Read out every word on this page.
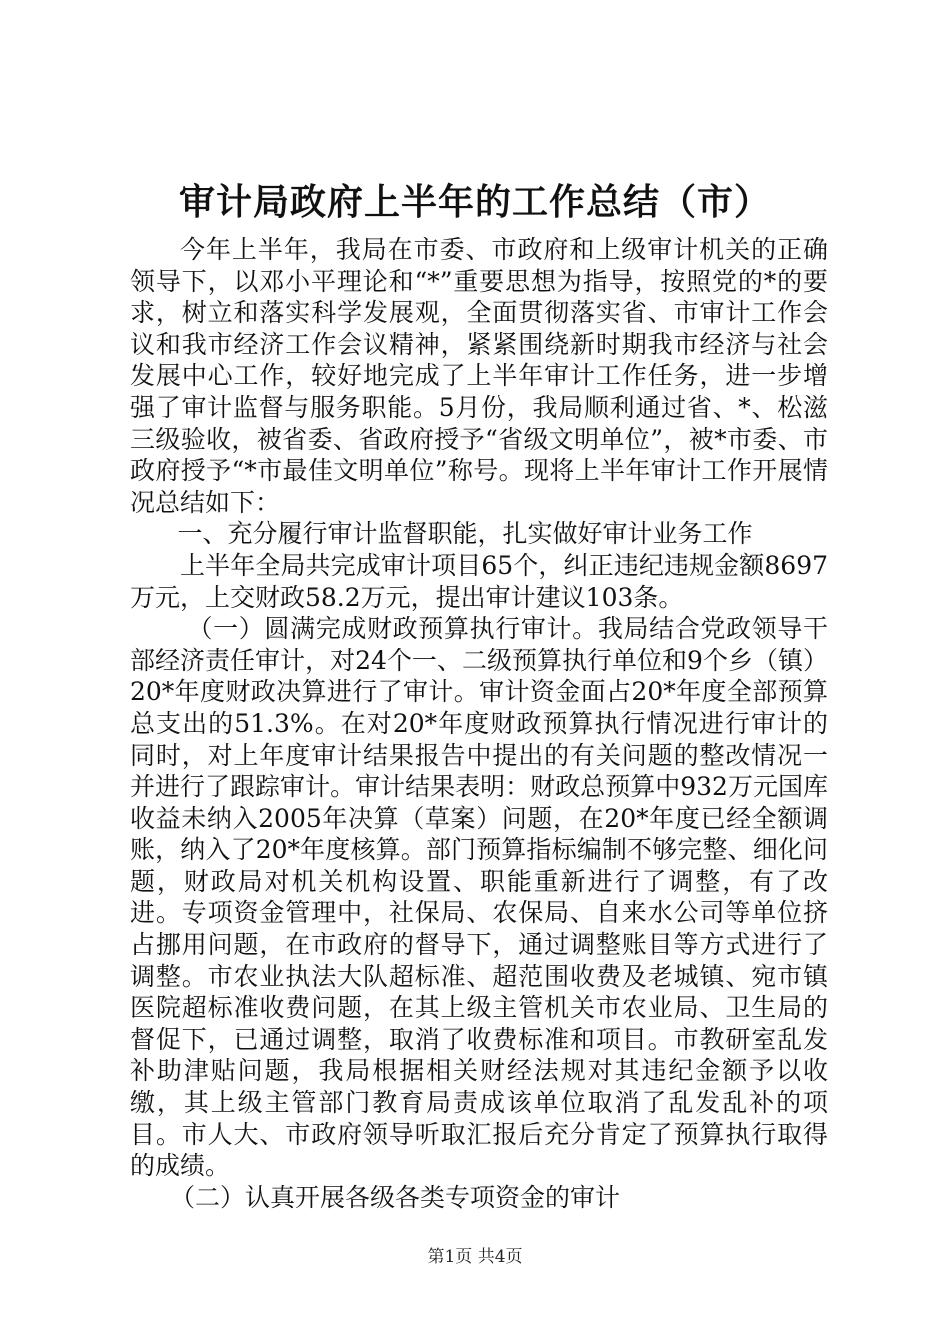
审计局政府上半年的工作总结（市）

今年上半年，我局在市委、市政府和上级审计机关的正确领导下，以邓小平理论和“*”重要思想为指导，按照党的*的要求，树立和落实科学发展观，全面贯彻落实省、市审计工作会议和我市经济工作会议精神，紧紧围绕新时期我市经济与社会发展中心工作，较好地完成了上半年审计工作任务，进一步增强了审计监督与服务职能。5月份，我局顺利通过省、*、松滋三级验收，被省委、省政府授予“省级文明单位”，被*市委、市政府授予“*市最佳文明单位”称号。现将上半年审计工作开展情况总结如下：

一、充分履行审计监督职能，扎实做好审计业务工作

上半年全局共完成审计项目65个，纠正违纪违规金额8697万元，上交财政58.2万元，提出审计建议103条。

（一）圆满完成财政预算执行审计。我局结合党政领导干部经济责任审计，对24个一、二级预算执行单位和9个乡（镇）20*年度财政决算进行了审计。审计资金面占20*年度全部预算总支出的51.3%。在对20*年度财政预算执行情况进行审计的同时，对上年度审计结果报告中提出的有关问题的整改情况一并进行了跟踪审计。审计结果表明：财政总预算中932万元国库收益未纳入2005年决算（草案）问题，在20*年度已经全额调账，纳入了20*年度核算。部门预算指标编制不够完整、细化问题，财政局对机关机构设置、职能重新进行了调整，有了改进。专项资金管理中，社保局、农保局、自来水公司等单位挤占挪用问题，在市政府的督导下，通过调整账目等方式进行了调整。市农业执法大队超标准、超范围收费及老城镇、宛市镇医院超标准收费问题，在其上级主管机关市农业局、卫生局的督促下，已通过调整，取消了收费标准和项目。市教研室乱发补助津贴问题，我局根据相关财经法规对其违纪金额予以收缴，其上级主管部门教育局责成该单位取消了乱发乱补的项目。市人大、市政府领导听取汇报后充分肯定了预算执行取得的成绩。

（二）认真开展各级各类专项资金的审计

第1页 共4页
